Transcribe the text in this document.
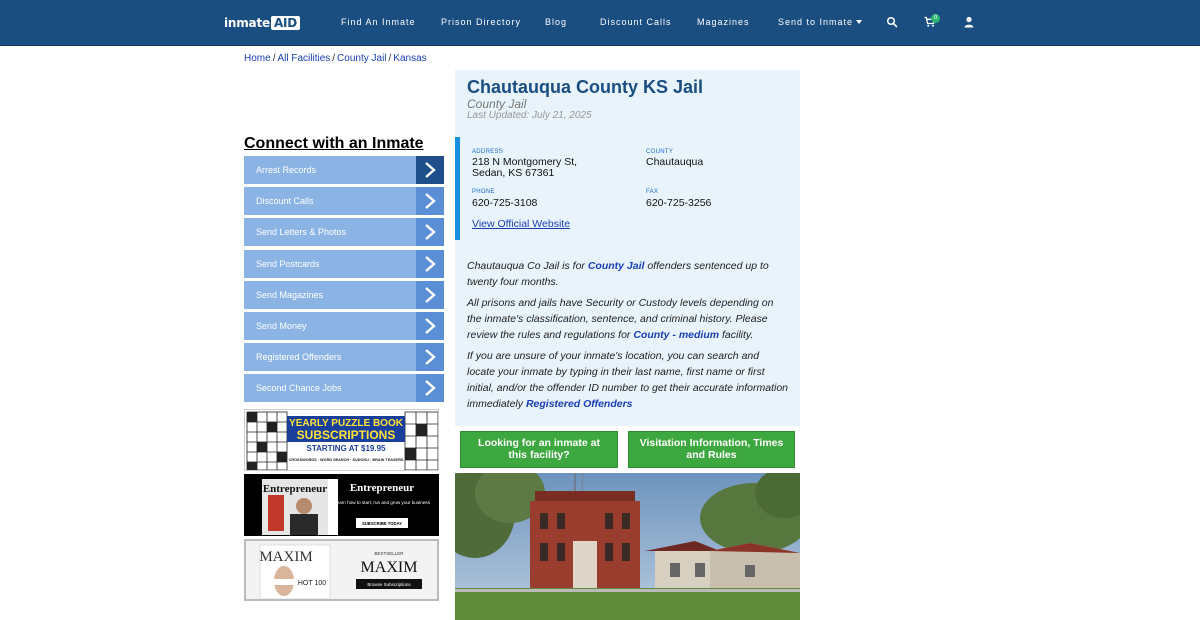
inmate AID	Find An Inmate	Prison Directory	Blog	Discount Calls	Magazines	Send to Inmate	0
Home / All Facilities / County Jail / Kansas
Connect with an Inmate
Arrest Records
Discount Calls
Send Letters & Photos
Send Postcards
Send Magazines
Send Money
Registered Offenders
Second Chance Jobs
YEARLY PUZZLE BOOK
SUBSCRIPTIONS
STARTING AT $19.95
CROSSWORDS · WORD SEARCH · SUDOKU · BRAIN TEASERS
Entrepreneur Entrepreneur
Learn how to start, run and grow your business
SUBSCRIBE TODAY
MAXIM
HOT 100
BESTSELLER
MAXIM
Browse Subscriptions
Chautauqua County KS Jail
County Jail
Last Updated: July 21, 2025
ADDRESS
218 N Montgomery St,
Sedan, KS 67361
COUNTY
Chautauqua
PHONE
620-725-3108
FAX
620-725-3256
View Official Website

Chautauqua Co Jail is for County Jail offenders sentenced up to twenty four months.

All prisons and jails have Security or Custody levels depending on the inmate's classification, sentence, and criminal history. Please review the rules and regulations for County - medium facility.

If you are unsure of your inmate's location, you can search and locate your inmate by typing in their last name, first name or first initial, and/or the offender ID number to get their accurate information immediately Registered Offenders

Looking for an inmate at this facility?
Visitation Information, Times and Rules
